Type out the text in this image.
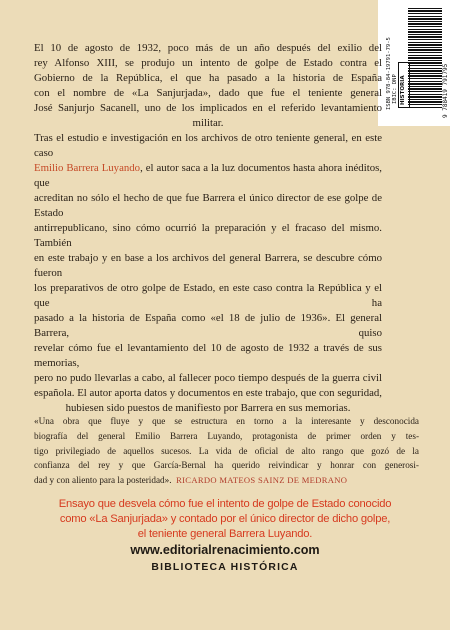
ISBN 978-84-19791-79-5	9 788419 791795
IBIC: DNP HISTORIA

El 10 de agosto de 1932, poco más de un año después del exilio del
rey Alfonso XIII, se produjo un intento de golpe de Estado contra el
Gobierno de la República, el que ha pasado a la historia de España
con el nombre de «La Sanjurjada», dado que fue el teniente general
José Sanjurjo Sacanell, uno de los implicados en el referido levantamiento militar.
Tras el estudio e investigación en los archivos de otro teniente general, en este caso
Emilio Barrera Luyando, el autor saca a la luz documentos hasta ahora inéditos, que
acreditan no sólo el hecho de que fue Barrera el único director de ese golpe de Estado
antirrepublicano, sino cómo ocurrió la preparación y el fracaso del mismo. También
en este trabajo y en base a los archivos del general Barrera, se descubre cómo fueron
los preparativos de otro golpe de Estado, en este caso contra la República y el que ha
pasado a la historia de España como «el 18 de julio de 1936». El general Barrera, quiso
revelar cómo fue el levantamiento del 10 de agosto de 1932 a través de sus memorias,
pero no pudo llevarlas a cabo, al fallecer poco tiempo después de la guerra civil
española. El autor aporta datos y documentos en este trabajo, que con seguridad,
hubiesen sido puestos de manifiesto por Barrera en sus memorias.

«Una obra que fluye y que se estructura en torno a la interesante y desconocida
biografía del general Emilio Barrera Luyando, protagonista de primer orden y tes-
tigo privilegiado de aquellos sucesos. La vida de oficial de alto rango que gozó de la
confianza del rey y que García-Bernal ha querido reivindicar y honrar con generosi-
dad y con aliento para la posteridad». RICARDO MATEOS SAINZ DE MEDRANO

Ensayo que desvela cómo fue el intento de golpe de Estado conocido
como «La Sanjurjada» y contado por el único director de dicho golpe,
el teniente general Barrera Luyando.

www.editorialrenacimiento.com

BIBLIOTECA HISTÓRICA
